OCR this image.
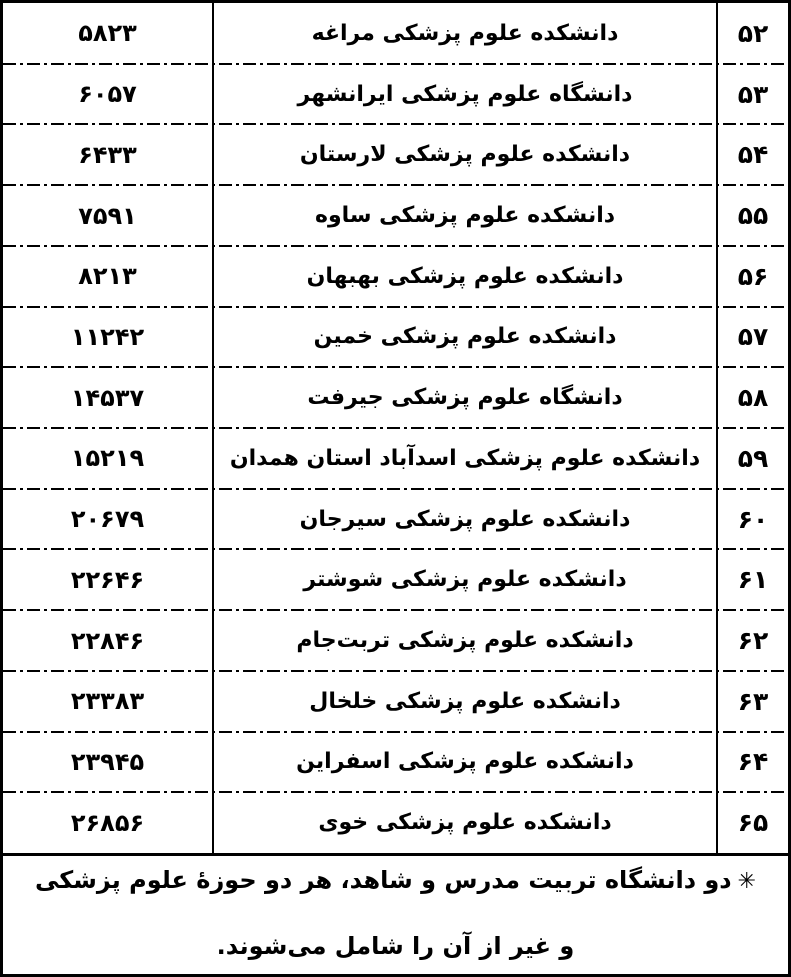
۵۲
دانشکده علوم پزشکی مراغه
۵۸۲۳
۵۳
دانشگاه علوم پزشکی ایرانشهر
۶۰۵۷
۵۴
دانشکده علوم پزشکی لارستان
۶۴۳۳
۵۵
دانشکده علوم پزشکی ساوه
۷۵۹۱
۵۶
دانشکده علوم پزشکی بهبهان
۸۲۱۳
۵۷
دانشکده علوم پزشکی خمین
۱۱۲۴۲
۵۸
دانشگاه علوم پزشکی جیرفت
۱۴۵۳۷
۵۹
دانشکده علوم پزشکی اسدآباد استان همدان
۱۵۲۱۹
۶۰
دانشکده علوم پزشکی سیرجان
۲۰۶۷۹
۶۱
دانشکده علوم پزشکی شوشتر
۲۲۶۴۶
۶۲
دانشکده علوم پزشکی تربت‌جام
۲۲۸۴۶
۶۳
دانشکده علوم پزشکی خلخال
۲۳۳۸۳
۶۴
دانشکده علوم پزشکی اسفراین
۲۳۹۴۵
۶۵
دانشکده علوم پزشکی خوی
۲۶۸۵۶
✳دو دانشگاه تربیت مدرس و شاهد، هر دو حوزۀ علوم پزشکی
و غیر از آن را شامل می‌شوند.
